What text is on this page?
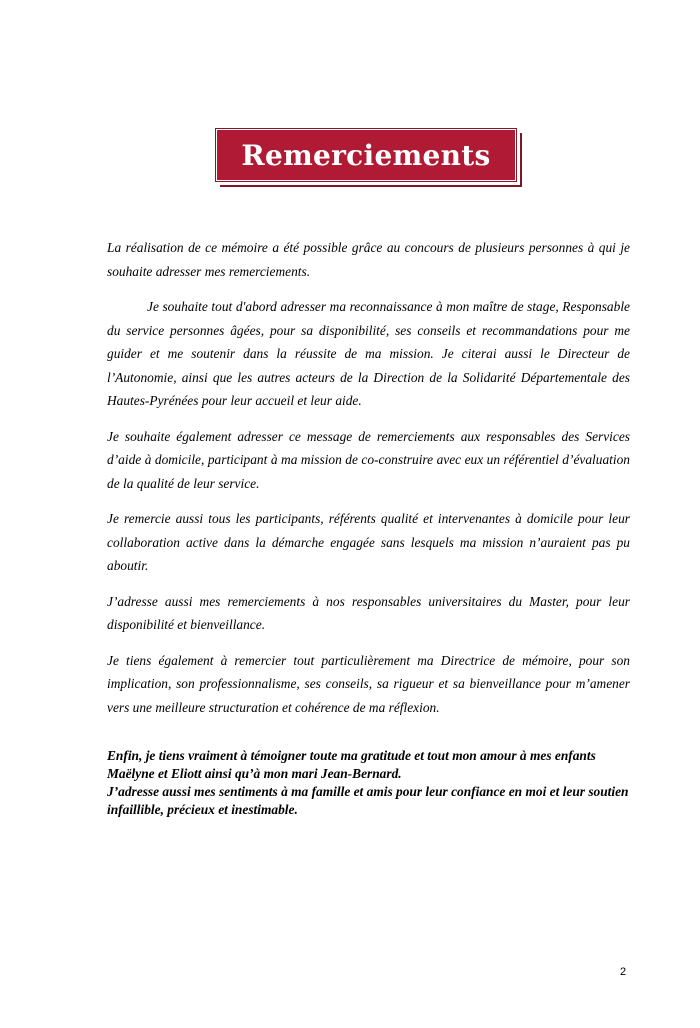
Remerciements

La réalisation de ce mémoire a été possible grâce au concours de plusieurs personnes à qui je souhaite adresser mes remerciements.

Je souhaite tout d'abord adresser ma reconnaissance à mon maître de stage, Responsable du service personnes âgées, pour sa disponibilité, ses conseils et recommandations pour me guider et me soutenir dans la réussite de ma mission. Je citerai aussi le Directeur de l’Autonomie, ainsi que les autres acteurs de la Direction de la Solidarité Départementale des Hautes-Pyrénées pour leur accueil et leur aide.

Je souhaite également adresser ce message de remerciements aux responsables des Services d’aide à domicile, participant à ma mission de co-construire avec eux un référentiel d’évaluation de la qualité de leur service.

Je remercie aussi tous les participants, référents qualité et intervenantes à domicile pour leur collaboration active dans la démarche engagée sans lesquels ma mission n’auraient pas pu aboutir.

J’adresse aussi mes remerciements à nos responsables universitaires du Master, pour leur disponibilité et bienveillance.

Je tiens également à remercier tout particulièrement ma Directrice de mémoire, pour son implication, son professionnalisme, ses conseils, sa rigueur et sa bienveillance pour m’amener vers une meilleure structuration et cohérence de ma réflexion.

Enfin, je tiens vraiment à témoigner toute ma gratitude et tout mon amour à mes enfants Maëlyne et Eliott ainsi qu’à mon mari Jean-Bernard.

J’adresse aussi mes sentiments à ma famille et amis pour leur confiance en moi et leur soutien infaillible, précieux et inestimable.

2
